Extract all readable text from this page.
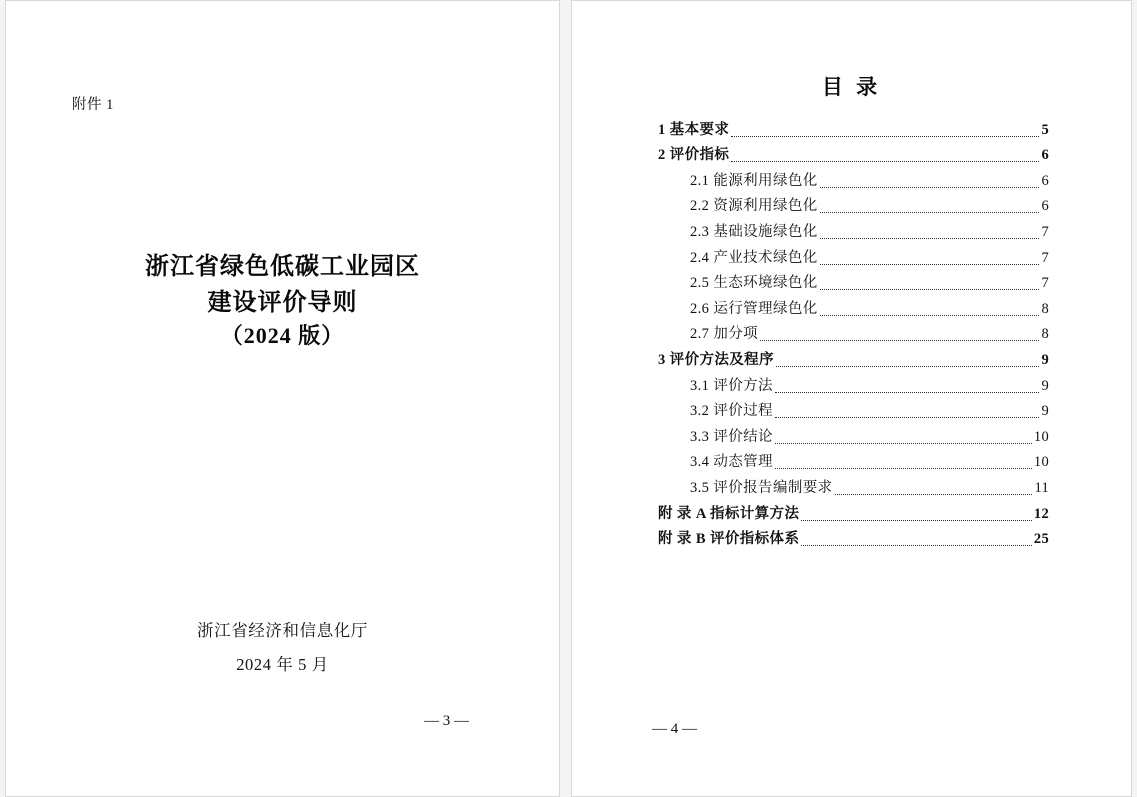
附件 1
浙江省绿色低碳工业园区
建设评价导则
（2024 版）
浙江省经济和信息化厅
2024 年 5 月
— 3 —
目 录
1 基本要求	5
2 评价指标	6
2.1 能源利用绿色化	6
2.2 资源利用绿色化	6
2.3 基础设施绿色化	7
2.4 产业技术绿色化	7
2.5 生态环境绿色化	7
2.6 运行管理绿色化	8
2.7 加分项	8
3 评价方法及程序	9
3.1 评价方法	9
3.2 评价过程	9
3.3 评价结论	10
3.4 动态管理	10
3.5 评价报告编制要求	11
附 录 A 指标计算方法	12
附 录 B 评价指标体系	25
— 4 —
